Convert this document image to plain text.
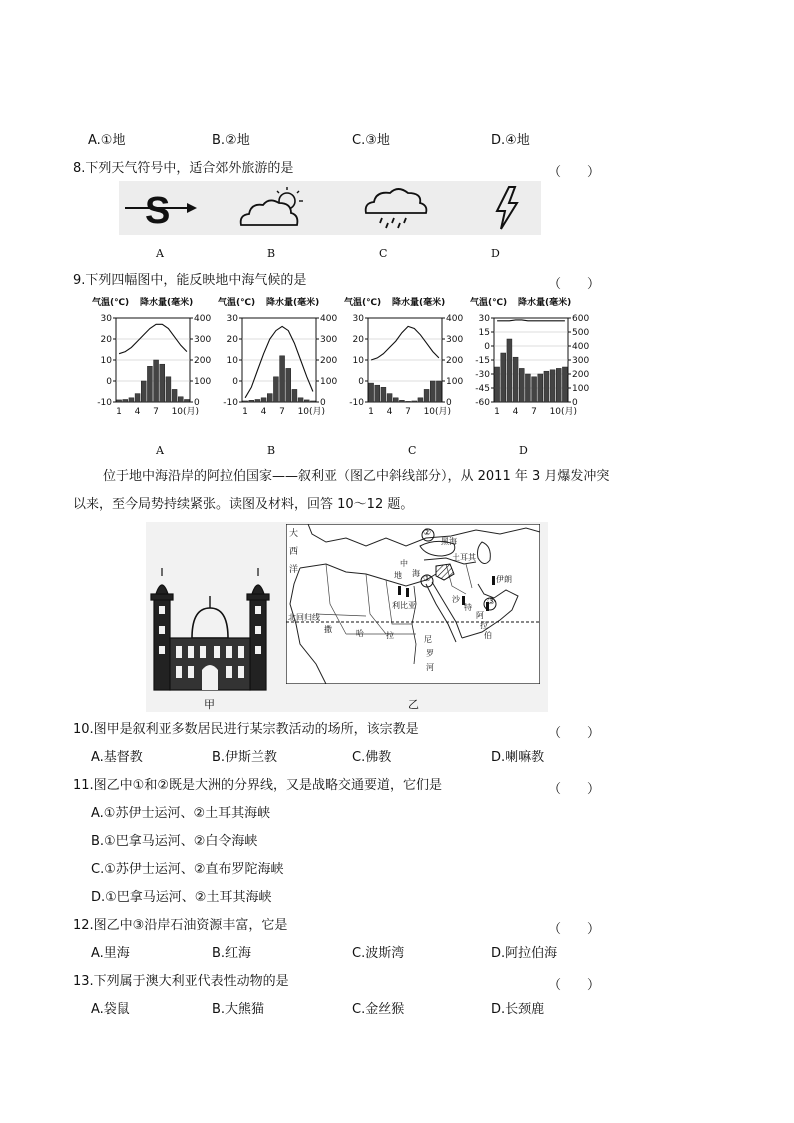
A.①地	B.②地	C.③地	D.④地
8.下列天气符号中，适合郊外旅游的是	（　　）
S
A	B	C	D
9.下列四幅图中，能反映地中海气候的是	（　　）
气温(℃) 降水量(毫米)
30
20
10
0
-10
400
300
200
100
0
1 4 7 10(月)
气温(℃) 降水量(毫米)
30
20
10
0
-10
400
300
200
100
0
1 4 7 10(月)
气温(℃) 降水量(毫米)
30
20
10
0
-10
400
300
200
100
0
1 4 7 10(月)
气温(℃) 降水量(毫米)
30
15
0
-15
-30
-45
-60
600
500
400
300
200
100
0
1 4 7 10(月)
A	B	C	D
位于地中海沿岸的阿拉伯国家——叙利亚（图乙中斜线部分），从 2011 年 3 月爆发冲突
以来，至今局势持续紧张。读图及材料，回答 10～12 题。
甲
大
西
洋
②
黑海
土耳其
中
地 海
利比亚
①
③
伊朗
沙
特
阿
拉
伯
北回归线
撒	哈	拉	尼
罗
河
乙
10.图甲是叙利亚多数居民进行某宗教活动的场所，该宗教是	（　　）
A.基督教	B.伊斯兰教	C.佛教	D.喇嘛教
11.图乙中①和②既是大洲的分界线，又是战略交通要道，它们是	（　　）
A.①苏伊士运河、②土耳其海峡
B.①巴拿马运河、②白令海峡
C.①苏伊士运河、②直布罗陀海峡
D.①巴拿马运河、②土耳其海峡
12.图乙中③沿岸石油资源丰富，它是	（　　）
A.里海	B.红海	C.波斯湾	D.阿拉伯海
13.下列属于澳大利亚代表性动物的是	（　　）
A.袋鼠	B.大熊猫	C.金丝猴	D.长颈鹿
